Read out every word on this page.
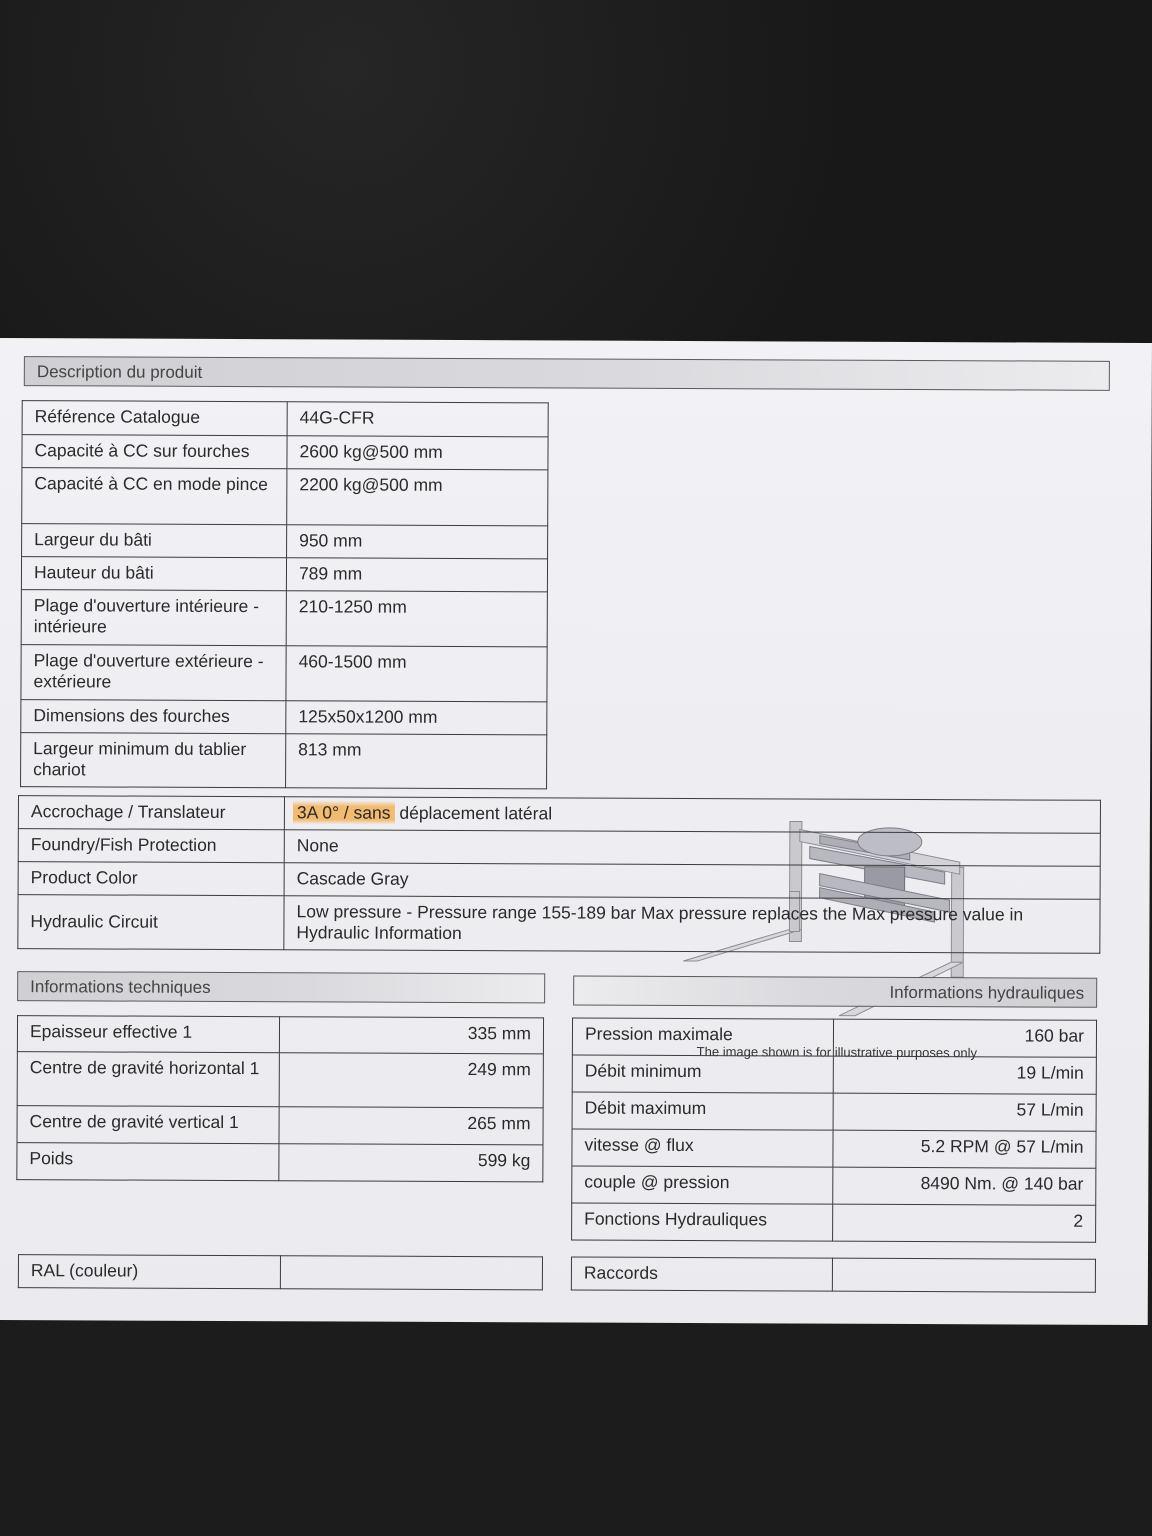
Description du produit
Référence Catalogue	44G-CFR
Capacité à CC sur fourches	2600 kg@500 mm
Capacité à CC en mode pince	2200 kg@500 mm
Largeur du bâti	950 mm
Hauteur du bâti	789 mm
Plage d'ouverture intérieure - intérieure	210-1250 mm
Plage d'ouverture extérieure - extérieure	460-1500 mm
Dimensions des fourches	125x50x1200 mm
Largeur minimum du tablier chariot	813 mm
The image shown is for illustrative purposes only
Accrochage / Translateur	3A 0° / sans déplacement latéral
Foundry/Fish Protection	None
Product Color	Cascade Gray
Hydraulic Circuit	Low pressure - Pressure range 155-189 bar Max pressure replaces the Max pressure value in Hydraulic Information
Informations techniques
Epaisseur effective 1	335 mm
Centre de gravité horizontal 1	249 mm
Centre de gravité vertical 1	265 mm
Poids	599 kg
RAL (couleur)	
Informations hydrauliques
Pression maximale	160 bar
Débit minimum	19 L/min
Débit maximum	57 L/min
vitesse @ flux	5.2 RPM @ 57 L/min
couple @ pression	8490 Nm. @ 140 bar
Fonctions Hydrauliques	2
Raccords	
